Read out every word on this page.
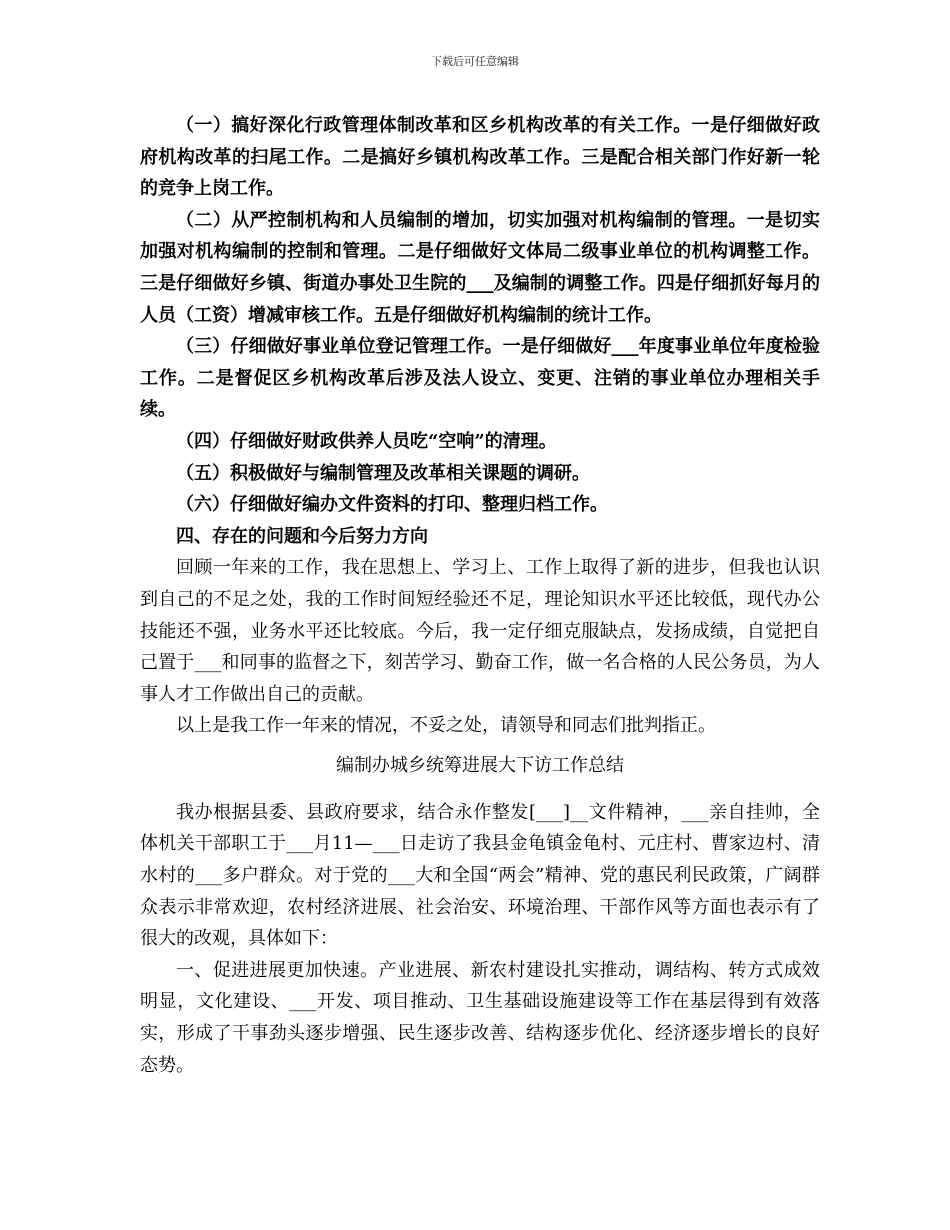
下载后可任意编辑

（一）搞好深化行政管理体制改革和区乡机构改革的有关工作。一是仔细做好政府机构改革的扫尾工作。二是搞好乡镇机构改革工作。三是配合相关部门作好新一轮的竞争上岗工作。

（二）从严控制机构和人员编制的增加，切实加强对机构编制的管理。一是切实加强对机构编制的控制和管理。二是仔细做好文体局二级事业单位的机构调整工作。三是仔细做好乡镇、街道办事处卫生院的___及编制的调整工作。四是仔细抓好每月的人员（工资）增减审核工作。五是仔细做好机构编制的统计工作。

（三）仔细做好事业单位登记管理工作。一是仔细做好___年度事业单位年度检验工作。二是督促区乡机构改革后涉及法人设立、变更、注销的事业单位办理相关手续。

（四）仔细做好财政供养人员吃“空响”的清理。

（五）积极做好与编制管理及改革相关课题的调研。

（六）仔细做好编办文件资料的打印、整理归档工作。

四、存在的问题和今后努力方向

回顾一年来的工作，我在思想上、学习上、工作上取得了新的进步，但我也认识到自己的不足之处，我的工作时间短经验还不足，理论知识水平还比较低，现代办公技能还不强，业务水平还比较底。今后，我一定仔细克服缺点，发扬成绩，自觉把自己置于___和同事的监督之下，刻苦学习、勤奋工作，做一名合格的人民公务员，为人事人才工作做出自己的贡献。

以上是我工作一年来的情况，不妥之处，请领导和同志们批判指正。

编制办城乡统筹进展大下访工作总结

我办根据县委、县政府要求，结合永作整发[___]__文件精神，___亲自挂帅，全体机关干部职工于___月11—___日走访了我县金龟镇金龟村、元庄村、曹家边村、清水村的___多户群众。对于党的___大和全国“两会”精神、党的惠民利民政策，广阔群众表示非常欢迎，农村经济进展、社会治安、环境治理、干部作风等方面也表示有了很大的改观，具体如下：

一、促进进展更加快速。产业进展、新农村建设扎实推动，调结构、转方式成效明显，文化建设、___开发、项目推动、卫生基础设施建设等工作在基层得到有效落实，形成了干事劲头逐步增强、民生逐步改善、结构逐步优化、经济逐步增长的良好态势。
